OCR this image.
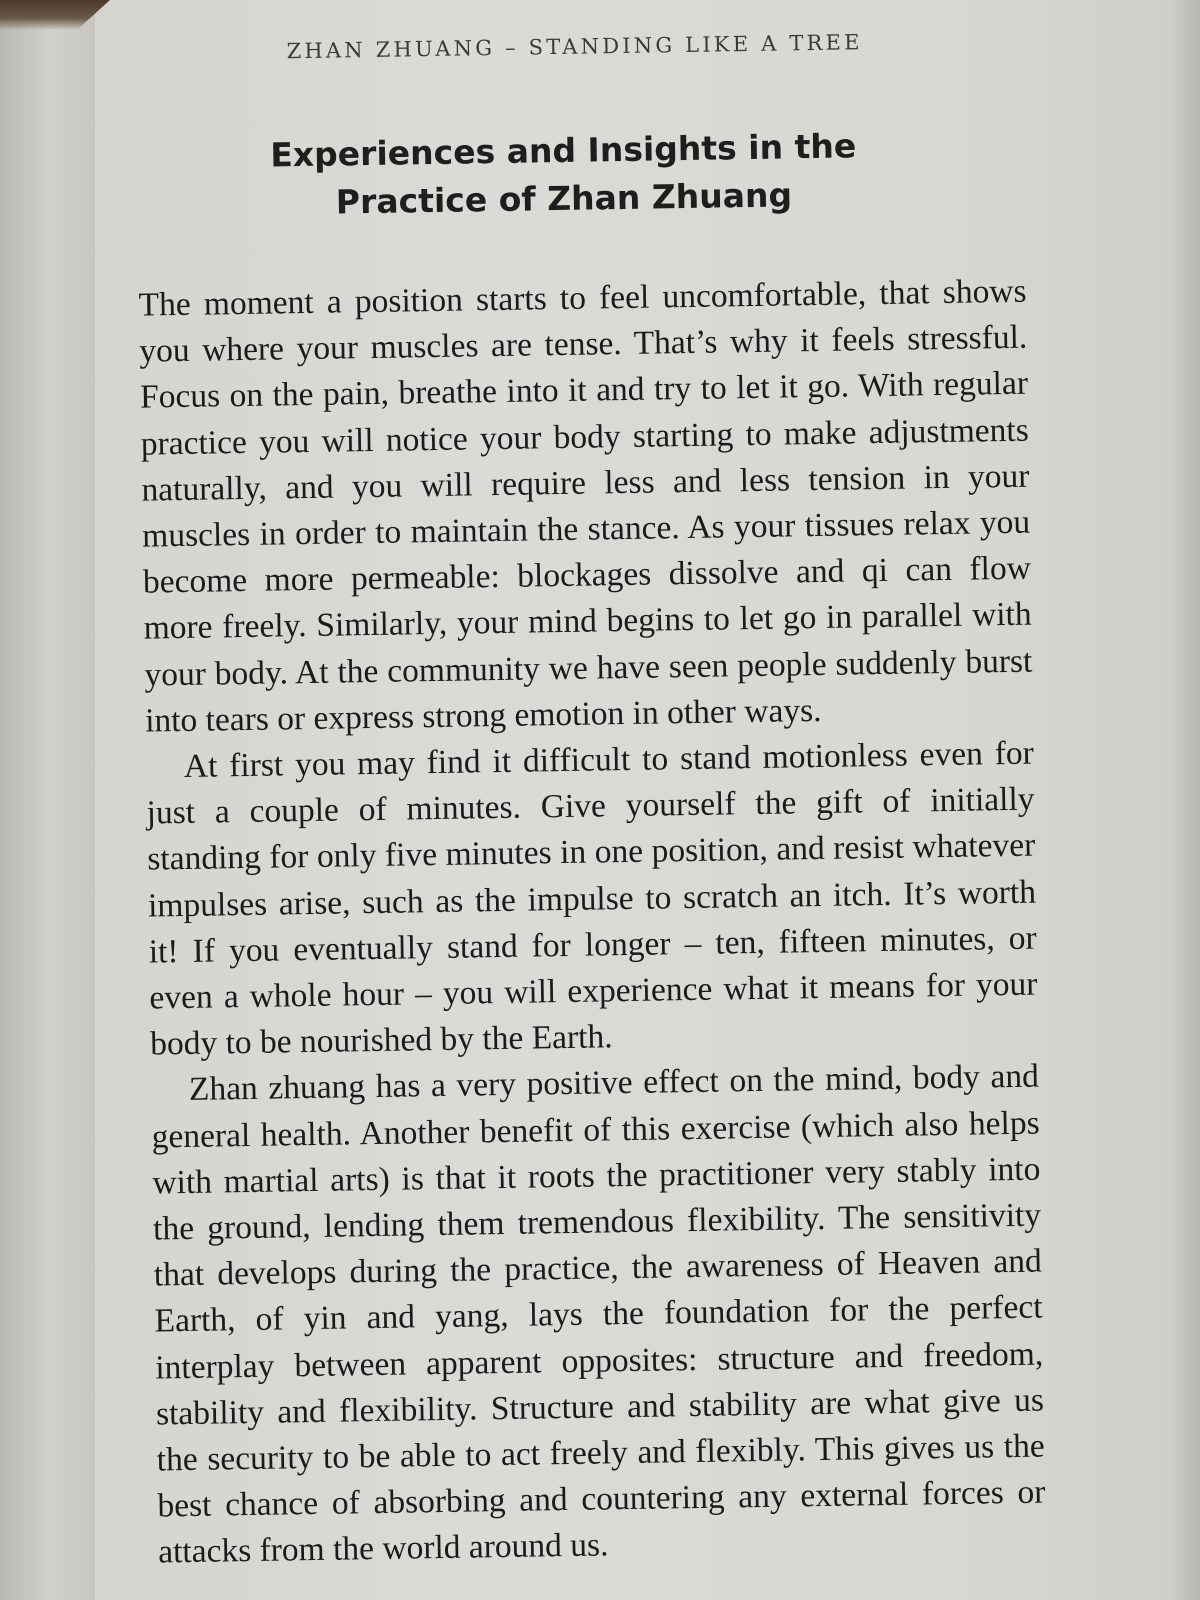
ZHAN ZHUANG – STANDING LIKE A TREE
Experiences and Insights in the
Practice of Zhan Zhuang

The moment a position starts to feel uncomfortable, that shows you where your muscles are tense. That’s why it feels stressful. Focus on the pain, breathe into it and try to let it go. With regular practice you will notice your body starting to make adjustments naturally, and you will require less and less tension in your muscles in order to maintain the stance. As your tissues relax you become more permeable: blockages dissolve and qi can flow more freely. Similarly, your mind begins to let go in parallel with your body. At the community we have seen people suddenly burst into tears or express strong emotion in other ways.

At first you may find it difficult to stand motionless even for just a couple of minutes. Give yourself the gift of initially standing for only five minutes in one position, and resist whatever impulses arise, such as the impulse to scratch an itch. It’s worth it! If you eventually stand for longer – ten, fifteen minutes, or even a whole hour – you will experience what it means for your body to be nourished by the Earth.

Zhan zhuang has a very positive effect on the mind, body and general health. Another benefit of this exercise (which also helps with martial arts) is that it roots the practitioner very stably into the ground, lending them tremendous flexibility. The sensitivity that develops during the practice, the awareness of Heaven and Earth, of yin and yang, lays the foundation for the perfect interplay between apparent opposites: structure and freedom, stability and flexibility. Structure and stability are what give us the security to be able to act freely and flexibly. This gives us the best chance of absorbing and countering any external forces or attacks from the world around us.
